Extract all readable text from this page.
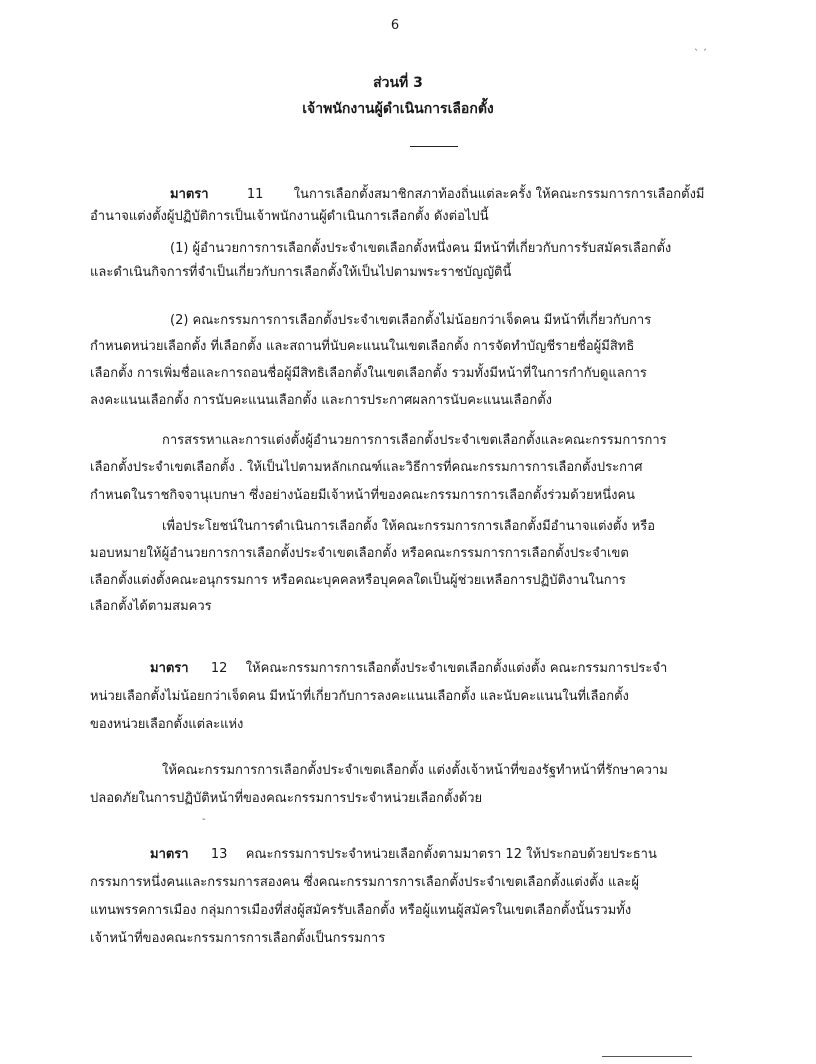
6
ˎ ˏ
ส่วนที่ 3
เจ้าพนักงานผู้ดำเนินการเลือกตั้ง
มาตรา	11 ในการเลือกตั้งสมาชิกสภาท้องถิ่นแต่ละครั้ง ให้คณะกรรมการการเลือกตั้งมี
อำนาจแต่งตั้งผู้ปฏิบัติการเป็นเจ้าพนักงานผู้ดำเนินการเลือกตั้ง ดังต่อไปนี้
(1) ผู้อำนวยการการเลือกตั้งประจำเขตเลือกตั้งหนึ่งคน มีหน้าที่เกี่ยวกับการรับสมัครเลือกตั้ง
และดำเนินกิจการที่จำเป็นเกี่ยวกับการเลือกตั้งให้เป็นไปตามพระราชบัญญัตินี้
(2) คณะกรรมการการเลือกตั้งประจำเขตเลือกตั้งไม่น้อยกว่าเจ็ดคน มีหน้าที่เกี่ยวกับการ
กำหนดหน่วยเลือกตั้ง ที่เลือกตั้ง และสถานที่นับคะแนนในเขตเลือกตั้ง การจัดทำบัญชีรายชื่อผู้มีสิทธิ
เลือกตั้ง การเพิ่มชื่อและการถอนชื่อผู้มีสิทธิเลือกตั้งในเขตเลือกตั้ง รวมทั้งมีหน้าที่ในการกำกับดูแลการ
ลงคะแนนเลือกตั้ง การนับคะแนนเลือกตั้ง และการประกาศผลการนับคะแนนเลือกตั้ง
การสรรหาและการแต่งตั้งผู้อำนวยการการเลือกตั้งประจำเขตเลือกตั้งและคณะกรรมการการ
เลือกตั้งประจำเขตเลือกตั้ง . ให้เป็นไปตามหลักเกณฑ์และวิธีการที่คณะกรรมการการเลือกตั้งประกาศ
กำหนดในราชกิจจานุเบกษา ซึ่งอย่างน้อยมีเจ้าหน้าที่ของคณะกรรมการการเลือกตั้งร่วมด้วยหนึ่งคน
เพื่อประโยชน์ในการดำเนินการเลือกตั้ง ให้คณะกรรมการการเลือกตั้งมีอำนาจแต่งตั้ง หรือ
มอบหมายให้ผู้อำนวยการการเลือกตั้งประจำเขตเลือกตั้ง หรือคณะกรรมการการเลือกตั้งประจำเขต
เลือกตั้งแต่งตั้งคณะอนุกรรมการ หรือคณะบุคคลหรือบุคคลใดเป็นผู้ช่วยเหลือการปฏิบัติงานในการ
เลือกตั้งได้ตามสมควร
มาตรา 12 ให้คณะกรรมการการเลือกตั้งประจำเขตเลือกตั้งแต่งตั้ง คณะกรรมการประจำ
หน่วยเลือกตั้งไม่น้อยกว่าเจ็ดคน มีหน้าที่เกี่ยวกับการลงคะแนนเลือกตั้ง และนับคะแนนในที่เลือกตั้ง
ของหน่วยเลือกตั้งแต่ละแห่ง
ให้คณะกรรมการการเลือกตั้งประจำเขตเลือกตั้ง แต่งตั้งเจ้าหน้าที่ของรัฐทำหน้าที่รักษาความ
ปลอดภัยในการปฏิบัติหน้าที่ของคณะกรรมการประจำหน่วยเลือกตั้งด้วย
‐
มาตรา 13 คณะกรรมการประจำหน่วยเลือกตั้งตามมาตรา 12 ให้ประกอบด้วยประธาน
กรรมการหนึ่งคนและกรรมการสองคน ซึ่งคณะกรรมการการเลือกตั้งประจำเขตเลือกตั้งแต่งตั้ง และผู้
แทนพรรคการเมือง กลุ่มการเมืองที่ส่งผู้สมัครรับเลือกตั้ง หรือผู้แทนผู้สมัครในเขตเลือกตั้งนั้นรวมทั้ง
เจ้าหน้าที่ของคณะกรรมการการเลือกตั้งเป็นกรรมการ
